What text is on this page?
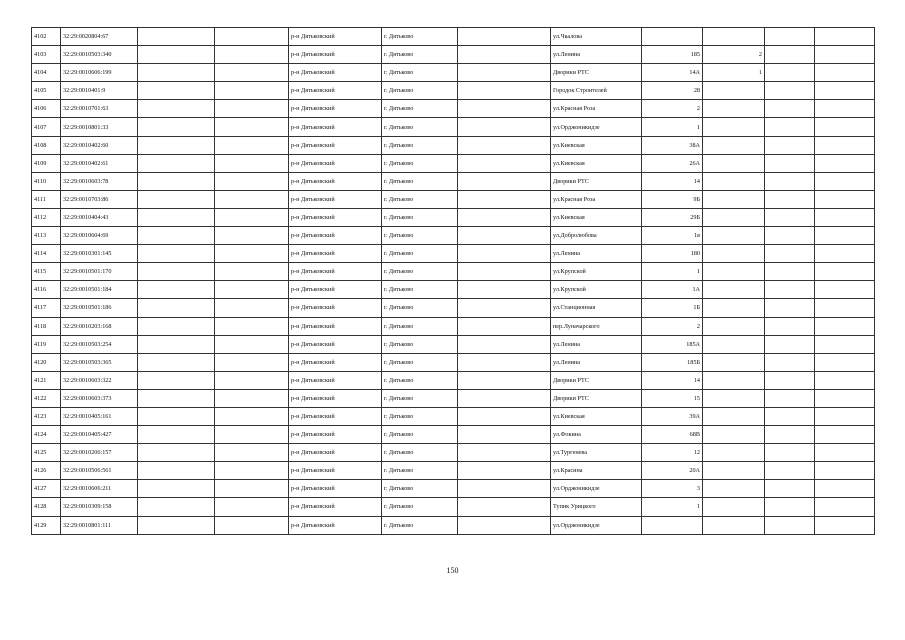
4102	32:29:0020804:67			р-н Дятьковский	г. Дятьково		ул.Чкалова				
4103	32:29:0010503:340			р-н Дятьковский	г. Дятьково		ул.Ленина	185	2		
4104	32:29:0010606:199			р-н Дятьковский	г. Дятьково		Дворики РТС	14А	1		
4105	32:29:0010401:9			р-н Дятьковский	г. Дятьково		Городок Строителей	28			
4106	32:29:0010701:63			р-н Дятьковский	г. Дятьково		ул.Красная Роза	2			
4107	32:29:0010801:33			р-н Дятьковский	г. Дятьково		ул.Орджоникидзе	1			
4108	32:29:0010402:60			р-н Дятьковский	г. Дятьково		ул.Киевская	38А			
4109	32:29:0010402:61			р-н Дятьковский	г. Дятьково		ул.Киевская	26А			
4110	32:29:0010603:78			р-н Дятьковский	г. Дятьково		Дворики РТС	14			
4111	32:29:0010703:86			р-н Дятьковский	г. Дятьково		ул.Красная Роза	9Б			
4112	32:29:0010404:43			р-н Дятьковский	г. Дятьково		ул.Киевская	29Б			
4113	32:29:0010604:69			р-н Дятьковский	г. Дятьково		ул.Добролюбова	1в			
4114	32:29:0010301:145			р-н Дятьковский	г. Дятьково		ул.Ленина	180			
4115	32:29:0010501:170			р-н Дятьковский	г. Дятьково		ул.Крупской	1			
4116	32:29:0010501:184			р-н Дятьковский	г. Дятьково		ул.Крупской	1А			
4117	32:29:0010501:186			р-н Дятьковский	г. Дятьково		ул.Станционная	1Б			
4118	32:29:0010203:168			р-н Дятьковский	г. Дятьково		пер.Луначарского	2			
4119	32:29:0010503:254			р-н Дятьковский	г. Дятьково		ул.Ленина	185А			
4120	32:29:0010503:365			р-н Дятьковский	г. Дятьково		ул.Ленина	185Б			
4121	32:29:0010603:322			р-н Дятьковский	г. Дятьково		Дворики РТС	14			
4122	32:29:0010603:373			р-н Дятьковский	г. Дятьково		Дворики РТС	15			
4123	32:29:0010405:161			р-н Дятьковский	г. Дятьково		ул.Киевская	39А			
4124	32:29:0010405:427			р-н Дятьковский	г. Дятьково		ул.Фокина	68В			
4125	32:29:0010206:157			р-н Дятьковский	г. Дятьково		ул.Тургенева	12			
4126	32:29:0010506:561			р-н Дятьковский	г. Дятьково		ул.Красина	20А			
4127	32:29:0010606:211			р-н Дятьковский	г. Дятьково		ул.Орджоникидзе	3			
4128	32:29:0010309:158			р-н Дятьковский	г. Дятьково		Тупик Урицкого	1			
4129	32:29:0010801:111			р-н Дятьковский	г. Дятьково		ул.Орджоникидзе				
150
